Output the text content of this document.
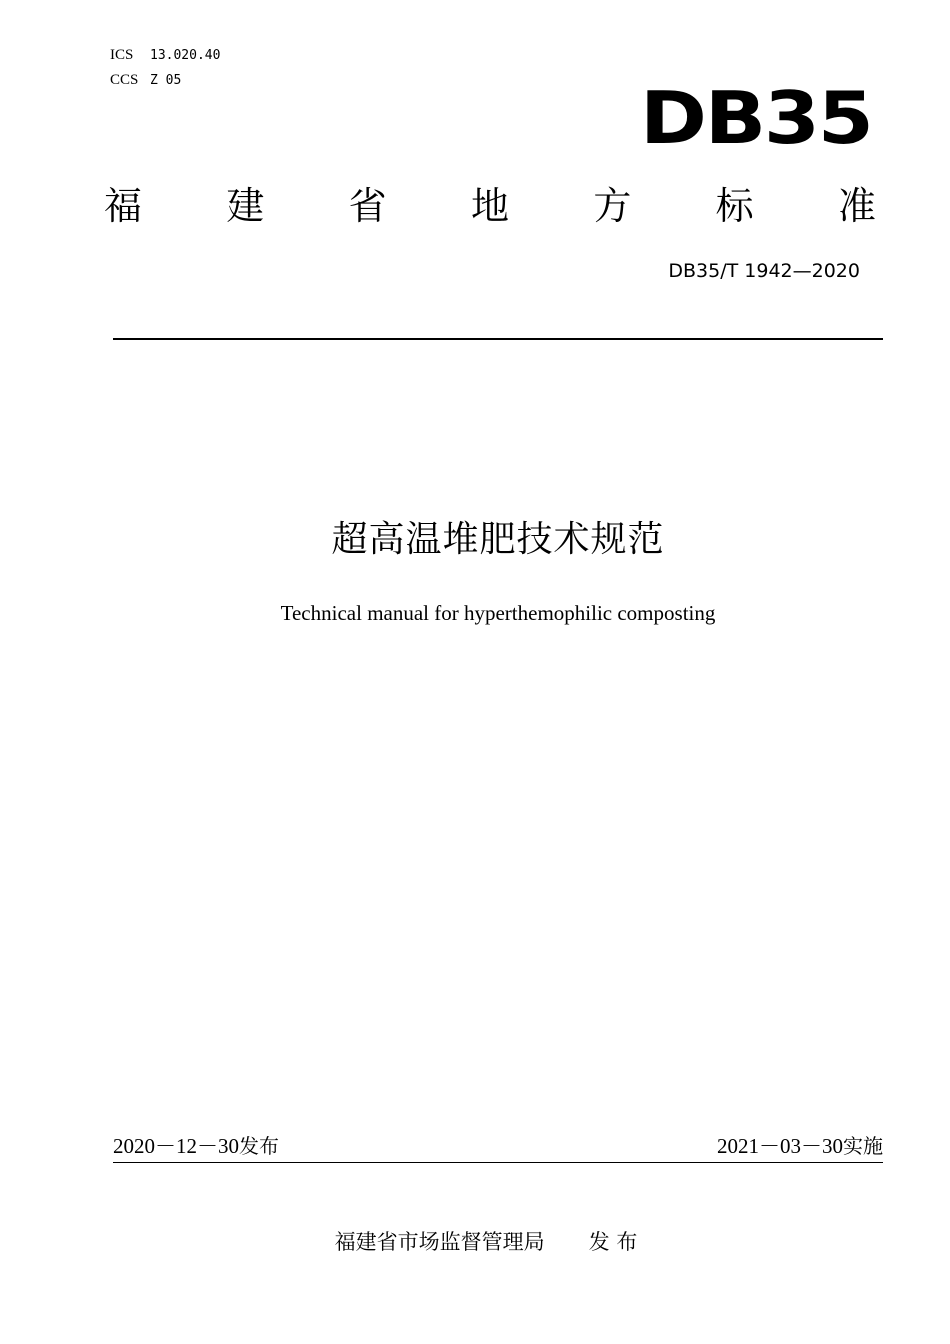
ICS 13.020.40
CCS Z 05	DB35
福 建 省 地 方 标 准
DB35/T 1942—2020
超高温堆肥技术规范
Technical manual for hyperthemophilic composting
2020－12－30发布	2021－03－30实施
福建省市场监督管理局 发 布
